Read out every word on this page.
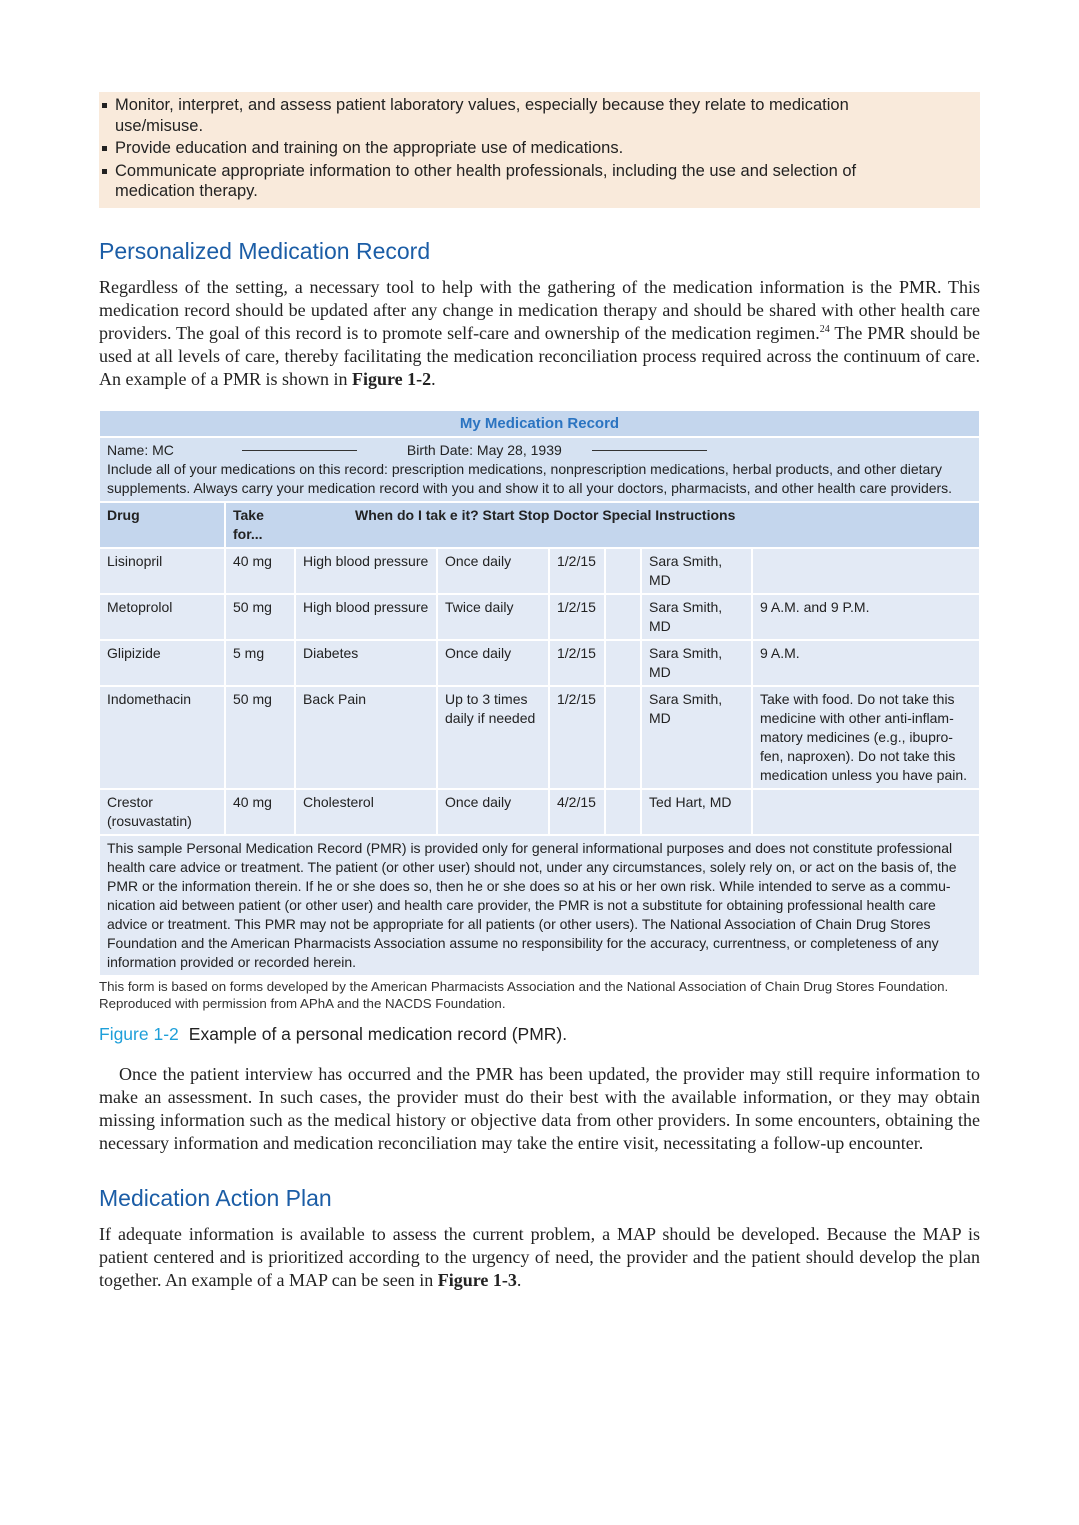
Monitor, interpret, and assess patient laboratory values, especially because they relate to medication use/misuse.
Provide education and training on the appropriate use of medications.
Communicate appropriate information to other health professionals, including the use and selection of medication therapy.
Personalized Medication Record

Regardless of the setting, a necessary tool to help with the gathering of the medication information is the PMR. This medication record should be updated after any change in medication therapy and should be shared with other health care providers. The goal of this record is to promote self-care and ownership of the medication regimen.$^{24}$ The PMR should be used at all levels of care, thereby facilitating the medication reconciliation process required across the continuum of care. An example of a PMR is shown in Figure 1-2.

My Medication Record							
Name: MC Birth Date: May 28, 1939
Include all of your medications on this record: prescription medications, nonprescription medications, herbal products, and other dietary supplements. Always carry your medication record with you and show it to all your doctors, pharmacists, and other health care providers.							
Drug	Take for...	When do I tak e it? Start Stop Doctor Special Instructions					
Lisinopril	40 mg	High blood pressure	Once daily	1/2/15		Sara Smith, MD	
Metoprolol	50 mg	High blood pressure	Twice daily	1/2/15		Sara Smith, MD	9 A.M. and 9 P.M.
Glipizide	5 mg	Diabetes	Once daily	1/2/15		Sara Smith, MD	9 A.M.
Indomethacin	50 mg	Back Pain	Up to 3 times daily if needed	1/2/15		Sara Smith, MD	Take with food. Do not take this medicine with other anti-inflam-matory medicines (e.g., ibupro-fen, naproxen). Do not take this medication unless you have pain.
Crestor (rosuvastatin)	40 mg	Cholesterol	Once daily	4/2/15		Ted Hart, MD	
This sample Personal Medication Record (PMR) is provided only for general informational purposes and does not constitute professional health care advice or treatment. The patient (or other user) should not, under any circumstances, solely rely on, or act on the basis of, the PMR or the information therein. If he or she does so, then he or she does so at his or her own risk. While intended to serve as a commu-nication aid between patient (or other user) and health care provider, the PMR is not a substitute for obtaining professional health care advice or treatment. This PMR may not be appropriate for all patients (or other users). The National Association of Chain Drug Stores Foundation and the American Pharmacists Association assume no responsibility for the accuracy, currentness, or completeness of any information provided or recorded herein.							
This form is based on forms developed by the American Pharmacists Association and the National Association of Chain Drug Stores Foundation.
Reproduced with permission from APhA and the NACDS Foundation.
Figure 1-2 Example of a personal medication record (PMR).

Once the patient interview has occurred and the PMR has been updated, the provider may still require information to make an assessment. In such cases, the provider must do their best with the available information, or they may obtain missing information such as the medical history or objective data from other providers. In some encounters, obtaining the necessary information and medication reconciliation may take the entire visit, necessitating a follow-up encounter.

Medication Action Plan

If adequate information is available to assess the current problem, a MAP should be developed. Because the MAP is patient centered and is prioritized according to the urgency of need, the provider and the patient should develop the plan together. An example of a MAP can be seen in Figure 1-3.
